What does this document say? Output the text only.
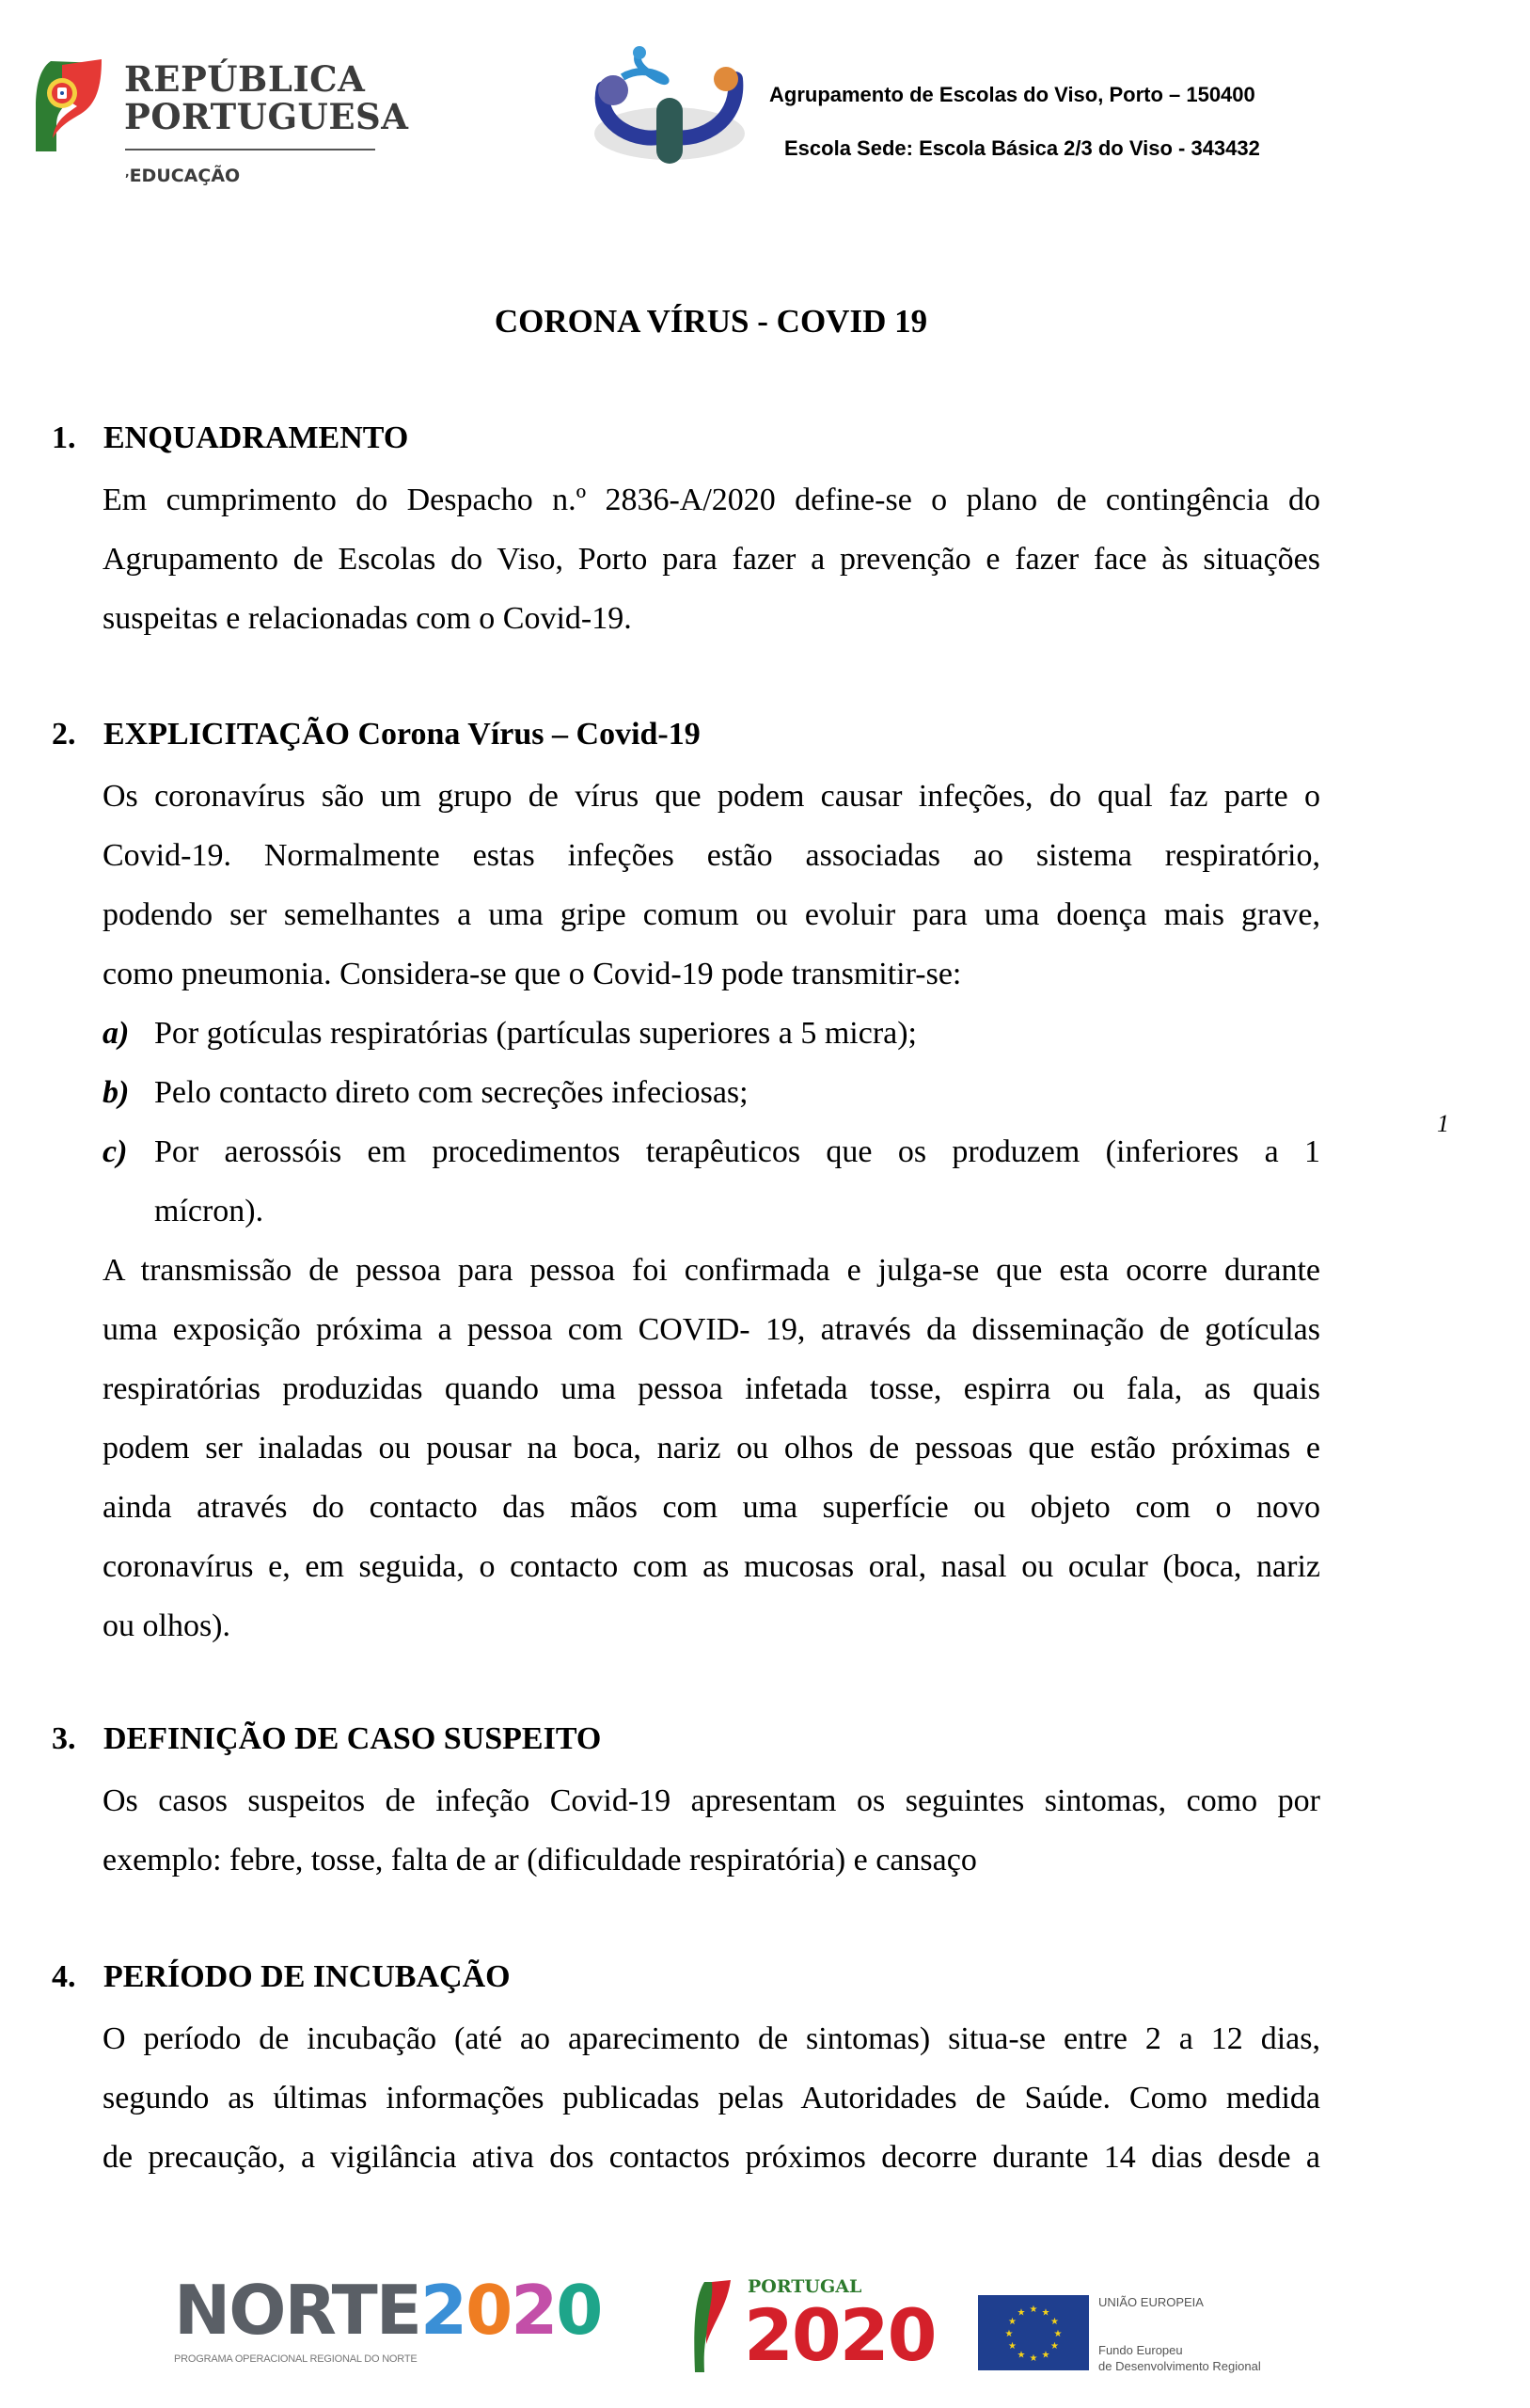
REPÚBLICA
PORTUGUESA
,EDUCAÇÃO
Agrupamento de Escolas do Viso, Porto – 150400
Escola Sede: Escola Básica 2/3 do Viso - 343432
CORONA VÍRUS - COVID 19
1. ENQUADRAMENTO
Em cumprimento do Despacho n.º 2836-A/2020 define-se o plano de contingência do
Agrupamento de Escolas do Viso, Porto para fazer a prevenção e fazer face às situações
suspeitas e relacionadas com o Covid-19.
2. EXPLICITAÇÃO Corona Vírus – Covid-19
Os coronavírus são um grupo de vírus que podem causar infeções, do qual faz parte o
Covid-19. Normalmente estas infeções estão associadas ao sistema respiratório,
podendo ser semelhantes a uma gripe comum ou evoluir para uma doença mais grave,
como pneumonia. Considera-se que o Covid-19 pode transmitir-se:
a) Por gotículas respiratórias (partículas superiores a 5 micra);
b) Pelo contacto direto com secreções infeciosas;
c) Por aerossóis em procedimentos terapêuticos que os produzem (inferiores a 1
mícron).
1
A transmissão de pessoa para pessoa foi confirmada e julga-se que esta ocorre durante
uma exposição próxima a pessoa com COVID- 19, através da disseminação de gotículas
respiratórias produzidas quando uma pessoa infetada tosse, espirra ou fala, as quais
podem ser inaladas ou pousar na boca, nariz ou olhos de pessoas que estão próximas e
ainda através do contacto das mãos com uma superfície ou objeto com o novo
coronavírus e, em seguida, o contacto com as mucosas oral, nasal ou ocular (boca, nariz
ou olhos).
3. DEFINIÇÃO DE CASO SUSPEITO
Os casos suspeitos de infeção Covid-19 apresentam os seguintes sintomas, como por
exemplo: febre, tosse, falta de ar (dificuldade respiratória) e cansaço
4. PERÍODO DE INCUBAÇÃO
O período de incubação (até ao aparecimento de sintomas) situa-se entre 2 a 12 dias,
segundo as últimas informações publicadas pelas Autoridades de Saúde. Como medida
de precaução, a vigilância ativa dos contactos próximos decorre durante 14 dias desde a
NORTE2020
PROGRAMA OPERACIONAL REGIONAL DO NORTE
PORTUGAL
2020	★
★
★
★
★
★
★
★
★ ★ ★
★
UNIÃO EUROPEIA
Fundo Europeu
de Desenvolvimento Regional
